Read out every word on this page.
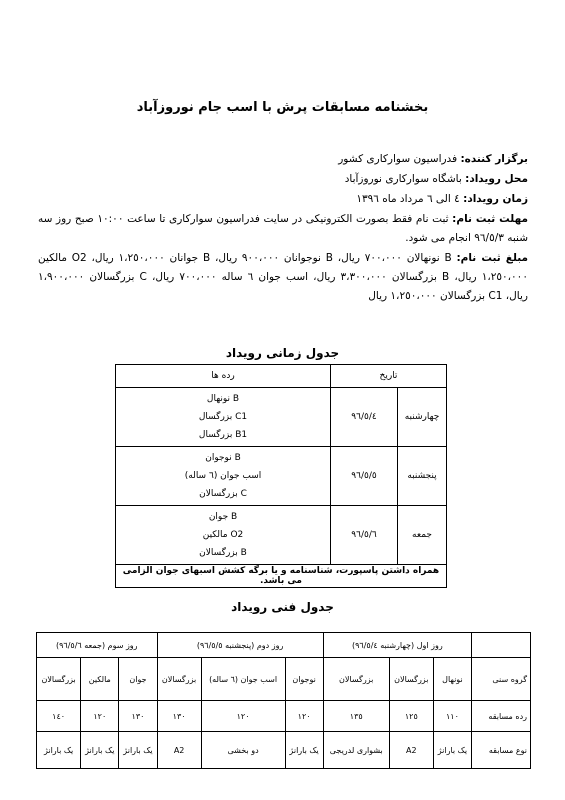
بخشنامه مسابقات پرش با اسب جام نوروزآباد

برگزار کننده: فدراسیون سوارکاری کشور

محل رویداد: باشگاه سوارکاری نوروزآباد

زمان رویداد: ٤ الی ٦ مرداد ماه ١٣٩٦

مهلت ثبت نام: ثبت نام فقط بصورت الکترونیکی در سایت فدراسیون سوارکاری تا ساعت ١٠:٠٠ صبح روز سه شنبه ٩٦/٥/٣ انجام می شود.

مبلغ ثبت نام: B نونهالان ٧٠٠،٠٠٠ ریال، B نوجوانان ٩٠٠،٠٠٠ ریال، B جوانان ١،٢٥٠،٠٠٠ ریال، O2 مالکین ١،٢٥٠،٠٠٠ ریال، B بزرگسالان ٣،٣٠٠،٠٠٠ ریال، اسب جوان ٦ ساله ٧٠٠،٠٠٠ ریال، C بزرگسالان ١،٩٠٠،٠٠٠ ریال، C1 بزرگسالان ١،٢٥٠،٠٠٠ ریال

جدول زمانی رویداد
تاریخ		رده ها
چهارشنبه	٩٦/٥/٤	B نونهال
C1 بزرگسال
B1 بزرگسال

پنجشنبه	٩٦/٥/٥	B نوجوان
اسب جوان (٦ ساله)
C بزرگسالان

جمعه	٩٦/٥/٦	B جوان
O2 مالکین
B بزرگسالان

همراه داشتن پاسپورت، شناسنامه و یا برگه کشش اسبهای جوان الزامی می باشد.		
جدول فنی رویداد
	روز اول (چهارشنبه ٩٦/٥/٤)			روز دوم (پنجشنبه ٩٦/٥/٥)			روز سوم (جمعه ٩٦/٥/٦)		
گروه سنی	نونهال	بزرگسالان	بزرگسالان	نوجوان	اسب جوان (٦ ساله)	بزرگسالان	جوان	مالکین	بزرگسالان
رده مسابقه	١١٠	١٢٥	١٣٥	١٢٠	١٢٠	١٣٠	١٣٠	١٢٠	١٤٠
نوع مسابقه	یک بارانژ	A2	بشواری لدریجی	یک بارانژ	دو بخشی	A2	یک بارانژ	یک بارانژ	یک بارانژ
